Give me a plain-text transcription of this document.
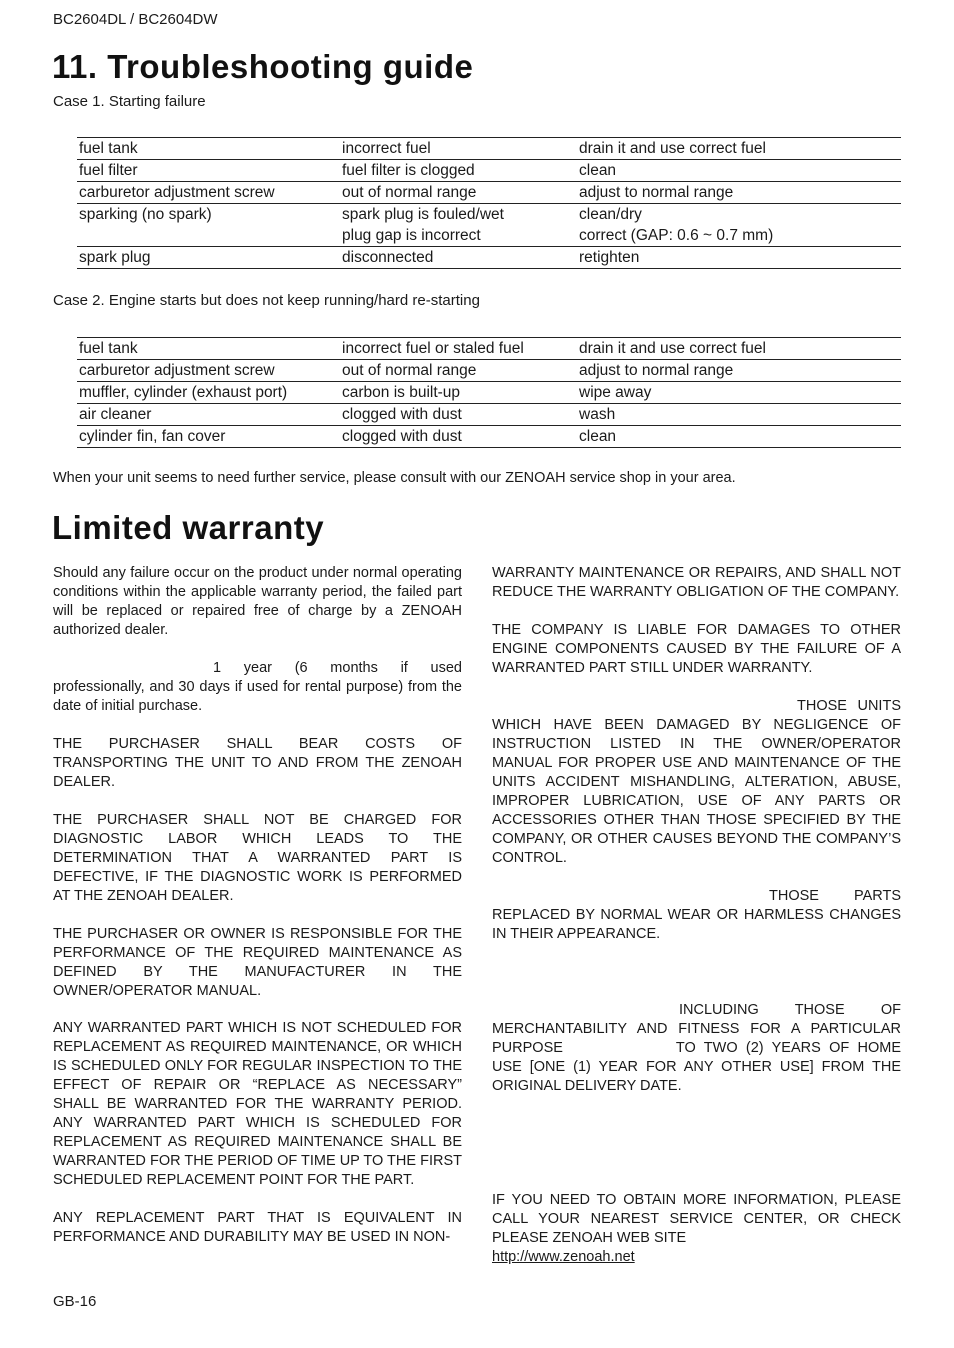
BC2604DL / BC2604DW
11. Troubleshooting guide
Case 1. Starting failure
fuel tank	incorrect fuel	drain it and use correct fuel
fuel filter	fuel filter is clogged	clean
carburetor adjustment screw	out of normal range	adjust to normal range
sparking (no spark)	spark plug is fouled/wet	clean/dry
	plug gap is incorrect	correct (GAP: 0.6 ~ 0.7 mm)
spark plug	disconnected	retighten
Case 2. Engine starts but does not keep running/hard re-starting
fuel tank	incorrect fuel or staled fuel	drain it and use correct fuel
carburetor adjustment screw	out of normal range	adjust to normal range
muffler, cylinder (exhaust port)	carbon is built-up	wipe away
air cleaner	clogged with dust	wash
cylinder fin, fan cover	clogged with dust	clean
When your unit seems to need further service, please consult with our ZENOAH service shop in your area.
Limited warranty

Should any failure occur on the product under normal operating conditions within the applicable warranty period, the failed part will be replaced or repaired free of charge by a ZENOAH authorized dealer.

1 year (6 months if used professionally, and 30 days if used for rental purpose) from the date of initial purchase.

THE PURCHASER SHALL BEAR COSTS OF TRANSPORTING THE UNIT TO AND FROM THE ZENOAH DEALER.

THE PURCHASER SHALL NOT BE CHARGED FOR DIAGNOSTIC LABOR WHICH LEADS TO THE DETERMINATION THAT A WARRANTED PART IS DEFECTIVE, IF THE DIAGNOSTIC WORK IS PERFORMED AT THE ZENOAH DEALER.

THE PURCHASER OR OWNER IS RESPONSIBLE FOR THE PERFORMANCE OF THE REQUIRED MAINTENANCE AS DEFINED BY THE MANUFACTURER IN THE OWNER/OPERATOR MANUAL.

ANY WARRANTED PART WHICH IS NOT SCHEDULED FOR REPLACEMENT AS REQUIRED MAINTENANCE, OR WHICH IS SCHEDULED ONLY FOR REGULAR INSPECTION TO THE EFFECT OF REPAIR OR “REPLACE AS NECESSARY” SHALL BE WARRANTED FOR THE WARRANTY PERIOD. ANY WARRANTED PART WHICH IS SCHEDULED FOR REPLACEMENT AS REQUIRED MAINTENANCE SHALL BE WARRANTED FOR THE PERIOD OF TIME UP TO THE FIRST SCHEDULED REPLACEMENT POINT FOR THE PART.

ANY REPLACEMENT PART THAT IS EQUIVALENT IN PERFORMANCE AND DURABILITY MAY BE USED IN NON-

WARRANTY MAINTENANCE OR REPAIRS, AND SHALL NOT REDUCE THE WARRANTY OBLIGATION OF THE COMPANY.

THE COMPANY IS LIABLE FOR DAMAGES TO OTHER ENGINE COMPONENTS CAUSED BY THE FAILURE OF A WARRANTED PART STILL UNDER WARRANTY.

THOSE UNITS WHICH HAVE BEEN DAMAGED BY NEGLIGENCE OF INSTRUCTION LISTED IN THE OWNER/OPERATOR MANUAL FOR PROPER USE AND MAINTENANCE OF THE UNITS ACCIDENT MISHANDLING, ALTERATION, ABUSE, IMPROPER LUBRICATION, USE OF ANY PARTS OR ACCESSORIES OTHER THAN THOSE SPECIFIED BY THE COMPANY, OR OTHER CAUSES BEYOND THE COMPANY’S CONTROL.

THOSE PARTS REPLACED BY NORMAL WEAR OR HARMLESS CHANGES IN THEIR APPEARANCE.

INCLUDING THOSE OF MERCHANTABILITY AND FITNESS FOR A PARTICULAR PURPOSE	TO TWO (2) YEARS OF HOME USE [ONE (1) YEAR FOR ANY OTHER USE] FROM THE ORIGINAL DELIVERY DATE.

IF YOU NEED TO OBTAIN MORE INFORMATION, PLEASE CALL YOUR NEAREST SERVICE CENTER, OR CHECK PLEASE ZENOAH WEB SITE
http://www.zenoah.net

GB-16
